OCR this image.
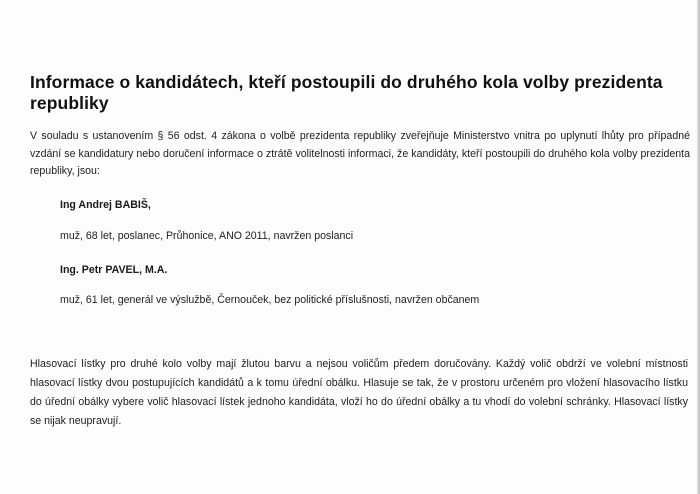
Informace o kandidátech, kteří postoupili do druhého kola volby prezidenta republiky

V souladu s ustanovením § 56 odst. 4 zákona o volbě prezidenta republiky zveřejňuje Ministerstvo vnitra po uplynutí lhůty pro případné vzdání se kandidatury nebo doručení informace o ztrátě volitelnosti informaci, že kandidáty, kteří postoupili do druhého kola volby prezidenta republiky, jsou:

Ing Andrej BABIŠ,

muž, 68 let, poslanec, Průhonice, ANO 2011, navržen poslanci

Ing. Petr PAVEL, M.A.

muž, 61 let, generál ve výslužbě, Černouček, bez politické příslušnosti, navržen občanem

Hlasovací lístky pro druhé kolo volby mají žlutou barvu a nejsou voličům předem doručovány. Každý volič obdrží ve volební místnosti hlasovací lístky dvou postupujících kandidátů a k tomu úřední obálku. Hlasuje se tak, že v prostoru určeném pro vložení hlasovacího lístku do úřední obálky vybere volič hlasovací lístek jednoho kandidáta, vloží ho do úřední obálky a tu vhodí do volební schránky. Hlasovací lístky se nijak neupravují.
